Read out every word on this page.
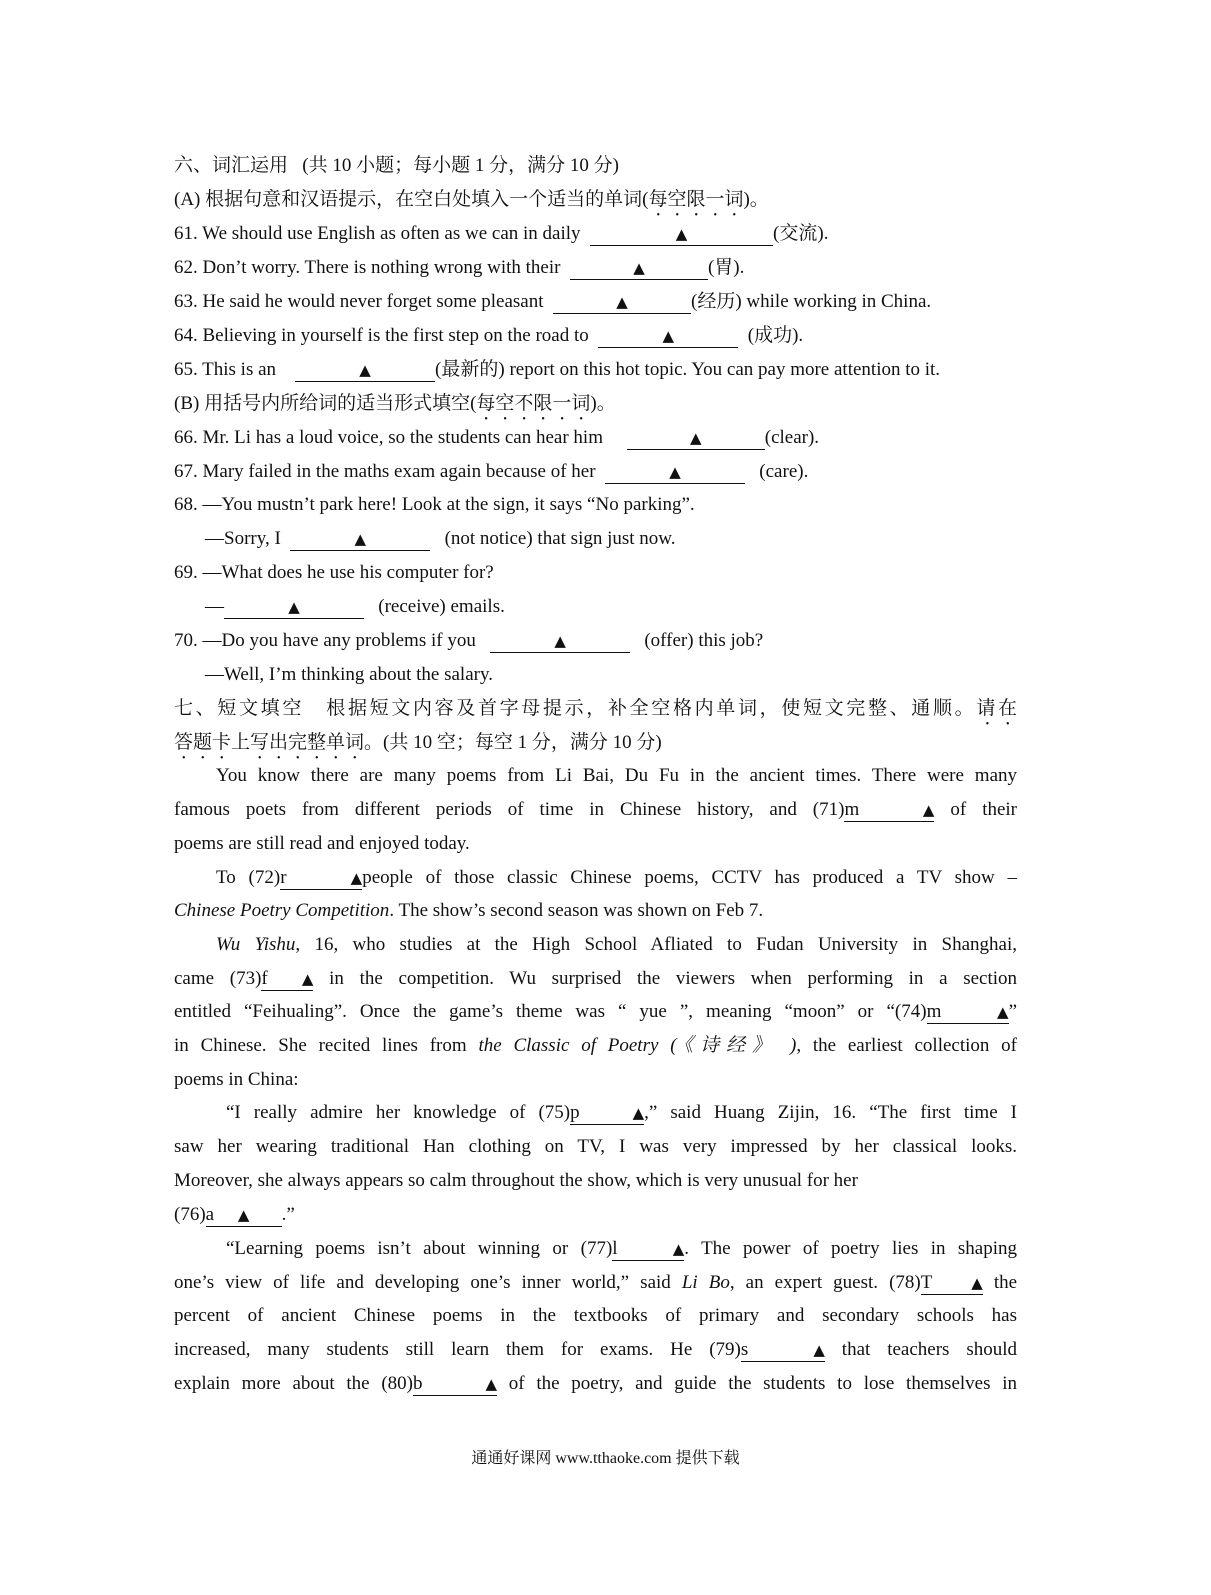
六、词汇运用 (共 10 小题；每小题 1 分，满分 10 分)
(A) 根据句意和汉语提示，在空白处填入一个适当的单词(每空限一词)。
61. We should use English as often as we can in daily	▲	(交流).
62. Don’t worry. There is nothing wrong with their	▲	(胃).
63. He said he would never forget some pleasant	▲	(经历) while working in China.
64. Believing in yourself is the first step on the road to	▲	(成功).
65. This is an	▲	(最新的) report on this hot topic. You can pay more attention to it.
(B) 用括号内所给词的适当形式填空(每空不限一词)。
66. Mr. Li has a loud voice, so the students can hear him	▲	(clear).
67. Mary failed in the maths exam again because of her	▲	(care).
68. —You mustn’t park here! Look at the sign, it says “No parking”.
—Sorry, I	▲	(not notice) that sign just now.
69. —What does he use his computer for?
—	▲	(receive) emails.
70. —Do you have any problems if you	▲	(offer) this job?
—Well, I’m thinking about the salary.
七、短文填空 根据短文内容及首字母提示，补全空格内单词，使短文完整、通顺。请在
答题卡上写出完整单词。(共 10 空；每空 1 分，满分 10 分)
You know there are many poems from Li Bai, Du Fu in the ancient times. There were many
famous poets from different periods of time in Chinese history, and (71)m	▲ of their
poems are still read and enjoyed today.
To (72)r	▲people of those classic Chinese poems, CCTV has produced a TV show –
Chinese Poetry Competition. The show’s second season was shown on Feb 7.
Wu Yishu, 16, who studies at the High School Afliated to Fudan University in Shanghai,
came (73)f ▲ in the competition. Wu surprised the viewers when performing in a section
entitled “Feihualing”. Once the game’s theme was “ yue ”, meaning “moon” or “(74)m	▲”
in Chinese. She recited lines from the Classic of Poetry (《诗经》 ), the earliest collection of
poems in China:
“I really admire her knowledge of (75)p	▲,” said Huang Zijin, 16. “The first time I
saw her wearing traditional Han clothing on TV, I was very impressed by her classical looks.
Moreover, she always appears so calm throughout the show, which is very unusual for her
(76)a ▲ .”
“Learning poems isn’t about winning or (77)l	▲. The power of poetry lies in shaping
one’s view of life and developing one’s inner world,” said Li Bo, an expert guest. (78)T	▲ the
percent of ancient Chinese poems in the textbooks of primary and secondary schools has
increased, many students still learn them for exams. He (79)s	▲ that teachers should
explain more about the (80)b	▲ of the poetry, and guide the students to lose themselves in
通通好课网 www.tthaoke.com 提供下载
